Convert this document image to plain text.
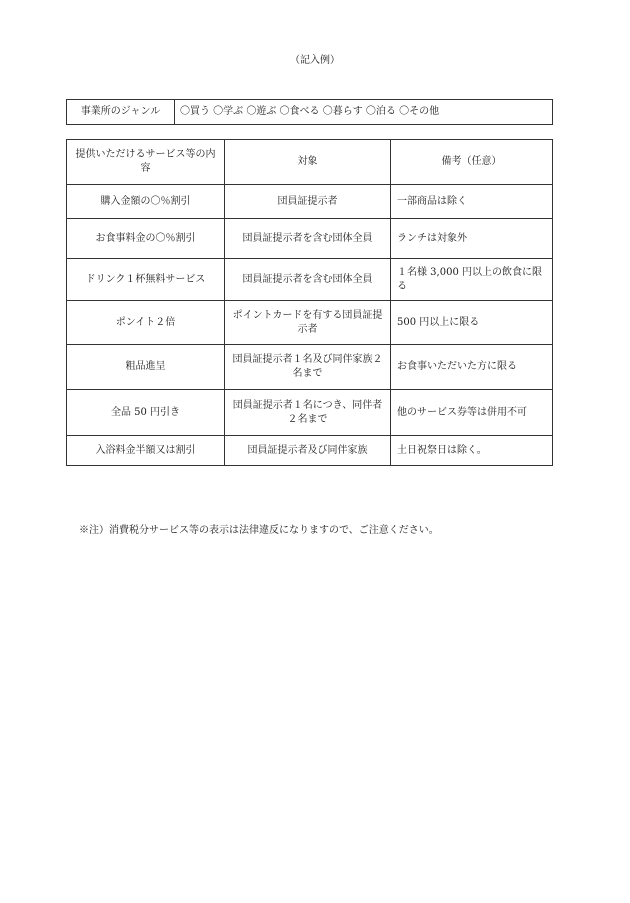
（記入例）
事業所のジャンル	〇買う 〇学ぶ 〇遊ぶ 〇食べる 〇暮らす 〇泊る 〇その他
提供いただけるサービス等の内容	対象	備考（任意）
購入金額の〇％割引	団員証提示者	一部商品は除く
お食事料金の〇％割引	団員証提示者を含む団体全員	ランチは対象外
ドリンク１杯無料サービス	団員証提示者を含む団体全員	１名様 3,000 円以上の飲食に限る
ポンイト２倍	ポイントカードを有する団員証提示者	500 円以上に限る
粗品進呈	団員証提示者１名及び同伴家族２名まで	お食事いただいた方に限る
全品 50 円引き	団員証提示者１名につき、同伴者２名まで	他のサービス券等は併用不可
入浴料金半額又は割引	団員証提示者及び同伴家族	土日祝祭日は除く。
※注）消費税分サービス等の表示は法律違反になりますので、ご注意ください。
